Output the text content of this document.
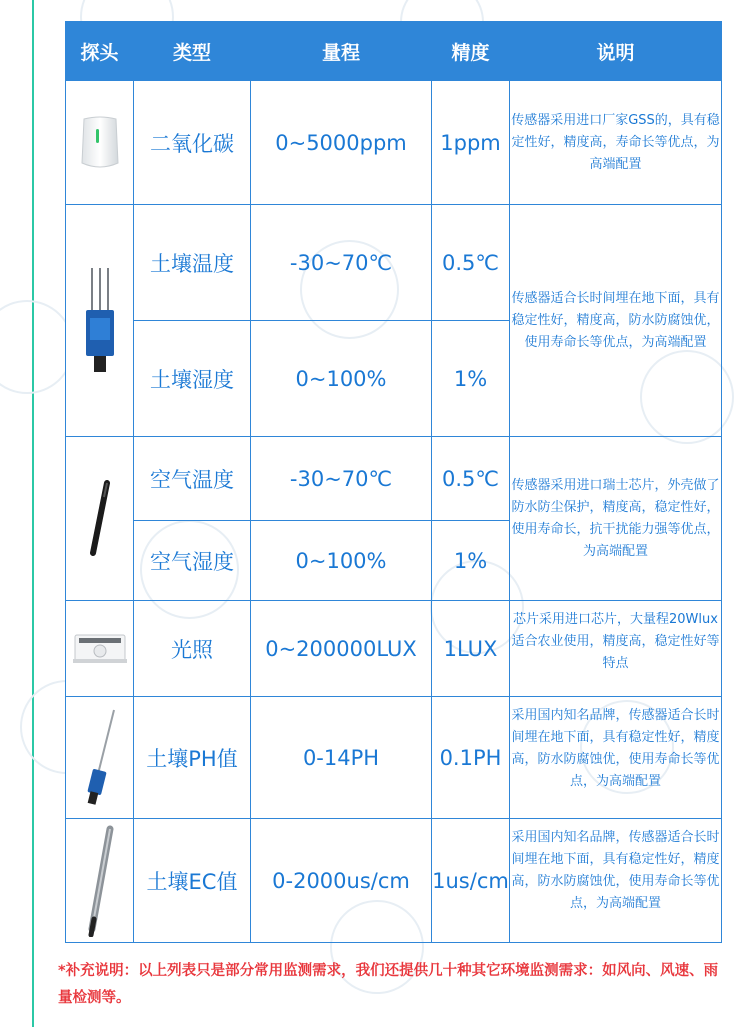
探头	类型	量程	精度	说明

	二氧化碳	0~5000ppm	1ppm	传感器采用进口厂家GSS的，具有稳定性好，精度高，寿命长等优点，为高端配置

	土壤温度	-30~70℃	0.5℃	传感器适合长时间埋在地下面，具有稳定性好，精度高，防水防腐蚀优，使用寿命长等优点，为高端配置
	土壤湿度	0~100%	1%	

	空气温度	-30~70℃	0.5℃	传感器采用进口瑞士芯片，外壳做了防水防尘保护，精度高，稳定性好，使用寿命长，抗干扰能力强等优点，为高端配置
	空气湿度	0~100%	1%	

	光照	0~200000LUX	1LUX	芯片采用进口芯片，大量程20Wlux适合农业使用，精度高，稳定性好等特点

	土壤PH值	0-14PH	0.1PH	采用国内知名品牌，传感器适合长时间埋在地下面，具有稳定性好，精度高，防水防腐蚀优，使用寿命长等优点，为高端配置

	土壤EC值	0-2000us/cm	1us/cm	采用国内知名品牌，传感器适合长时间埋在地下面，具有稳定性好，精度高，防水防腐蚀优，使用寿命长等优点，为高端配置
*补充说明：以上列表只是部分常用监测需求，我们还提供几十种其它环境监测需求：如风向、风速、雨量检测等。
